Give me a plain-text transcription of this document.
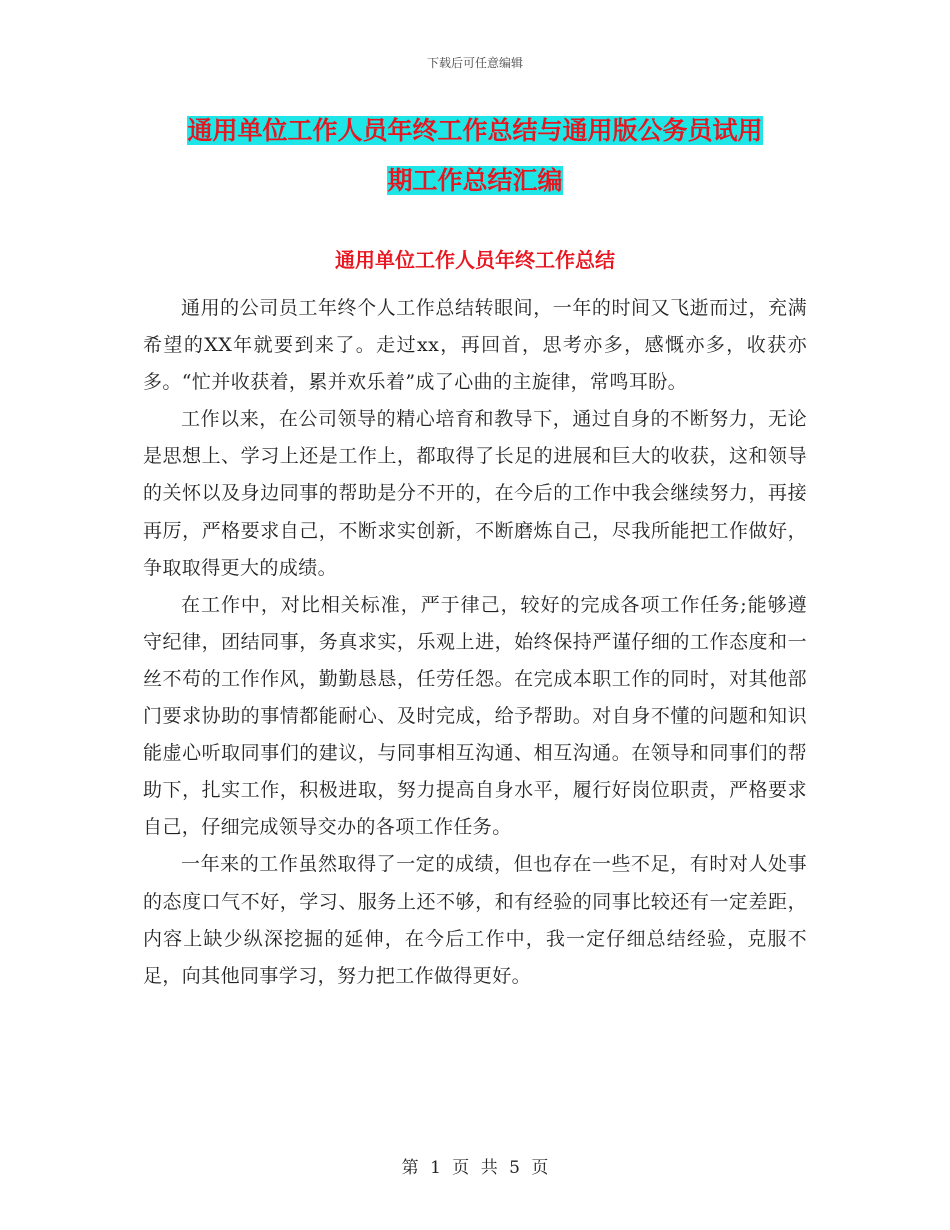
下载后可任意编辑
通用单位工作人员年终工作总结与通用版公务员试用
期工作总结汇编
通用单位工作人员年终工作总结

通用的公司员工年终个人工作总结转眼间，一年的时间又飞逝而过，充满希望的XX年就要到来了。走过xx，再回首，思考亦多，感慨亦多，收获亦多。“忙并收获着，累并欢乐着”成了心曲的主旋律，常鸣耳盼。

工作以来，在公司领导的精心培育和教导下，通过自身的不断努力，无论是思想上、学习上还是工作上，都取得了长足的进展和巨大的收获，这和领导的关怀以及身边同事的帮助是分不开的，在今后的工作中我会继续努力，再接再厉，严格要求自己，不断求实创新，不断磨炼自己，尽我所能把工作做好，争取取得更大的成绩。

在工作中，对比相关标准，严于律己，较好的完成各项工作任务;能够遵守纪律，团结同事，务真求实，乐观上进，始终保持严谨仔细的工作态度和一丝不苟的工作作风，勤勤恳恳，任劳任怨。在完成本职工作的同时，对其他部门要求协助的事情都能耐心、及时完成，给予帮助。对自身不懂的问题和知识能虚心听取同事们的建议，与同事相互沟通、相互沟通。在领导和同事们的帮助下，扎实工作，积极进取，努力提高自身水平，履行好岗位职责，严格要求自己，仔细完成领导交办的各项工作任务。

一年来的工作虽然取得了一定的成绩，但也存在一些不足，有时对人处事的态度口气不好，学习、服务上还不够，和有经验的同事比较还有一定差距，内容上缺少纵深挖掘的延伸，在今后工作中，我一定仔细总结经验，克服不足，向其他同事学习，努力把工作做得更好。

第 1 页 共 5 页
